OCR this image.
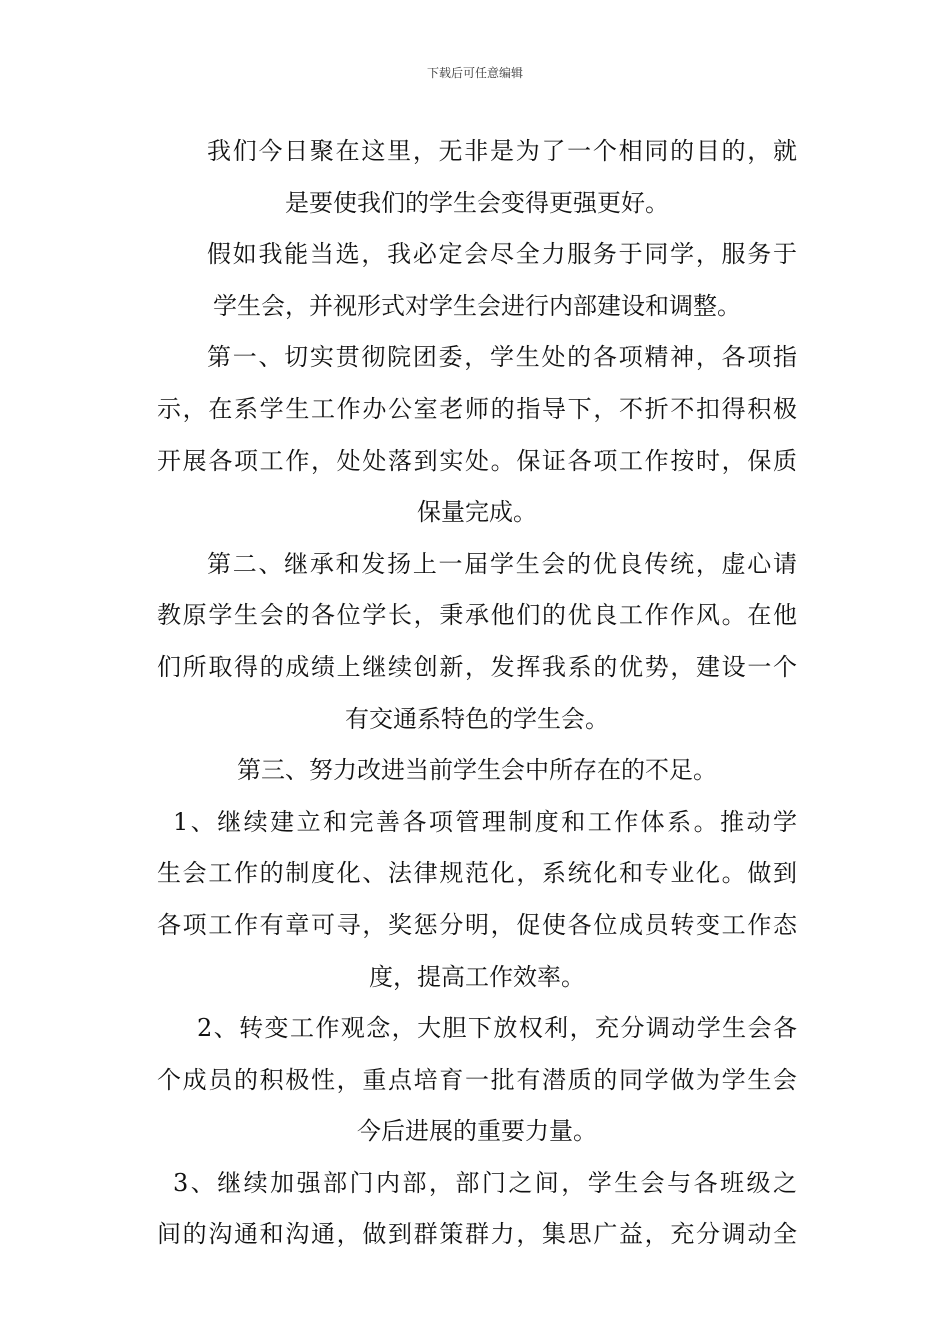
下载后可任意编辑
我们今日聚在这里，无非是为了一个相同的目的，就
是要使我们的学生会变得更强更好。
假如我能当选，我必定会尽全力服务于同学，服务于
学生会，并视形式对学生会进行内部建设和调整。
第一、切实贯彻院团委，学生处的各项精神，各项指
示，在系学生工作办公室老师的指导下，不折不扣得积极
开展各项工作，处处落到实处。保证各项工作按时，保质
保量完成。
第二、继承和发扬上一届学生会的优良传统，虚心请
教原学生会的各位学长，秉承他们的优良工作作风。在他
们所取得的成绩上继续创新，发挥我系的优势，建设一个
有交通系特色的学生会。
第三、努力改进当前学生会中所存在的不足。
1、继续建立和完善各项管理制度和工作体系。推动学
生会工作的制度化、法律规范化，系统化和专业化。做到
各项工作有章可寻，奖惩分明，促使各位成员转变工作态
度，提高工作效率。
2、转变工作观念，大胆下放权利，充分调动学生会各
个成员的积极性，重点培育一批有潜质的同学做为学生会
今后进展的重要力量。
3、继续加强部门内部，部门之间，学生会与各班级之
间的沟通和沟通，做到群策群力，集思广益，充分调动全
